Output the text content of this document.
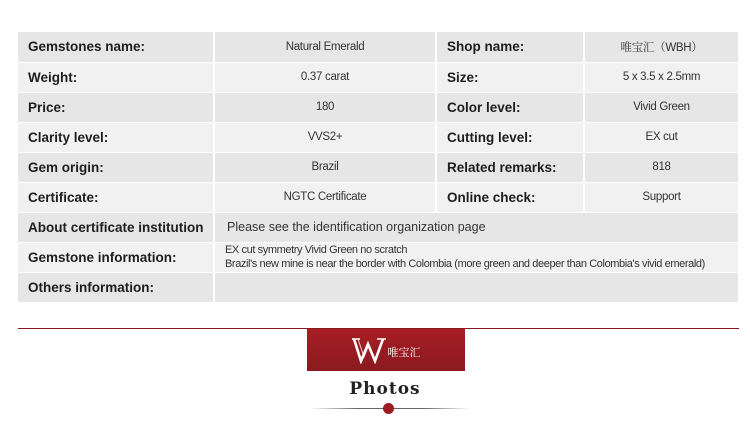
Gemstones name:	Natural Emerald	Shop name:	唯宝汇（WBH）
Weight:	0.37 carat	Size:	5 x 3.5 x 2.5mm
Price:	180	Color level:	Vivid Green
Clarity level:	VVS2+	Cutting level:	EX cut
Gem origin:	Brazil	Related remarks:	818
Certificate:	NGTC Certificate	Online check:	Support
About certificate institution	Please see the identification organization page		
Gemstone information:	EX cut symmetry Vivid Green no scratch
Brazil's new mine is near the border with Colombia (more green and deeper than Colombia's vivid emerald)		

Others information:			
唯宝汇
Photos
